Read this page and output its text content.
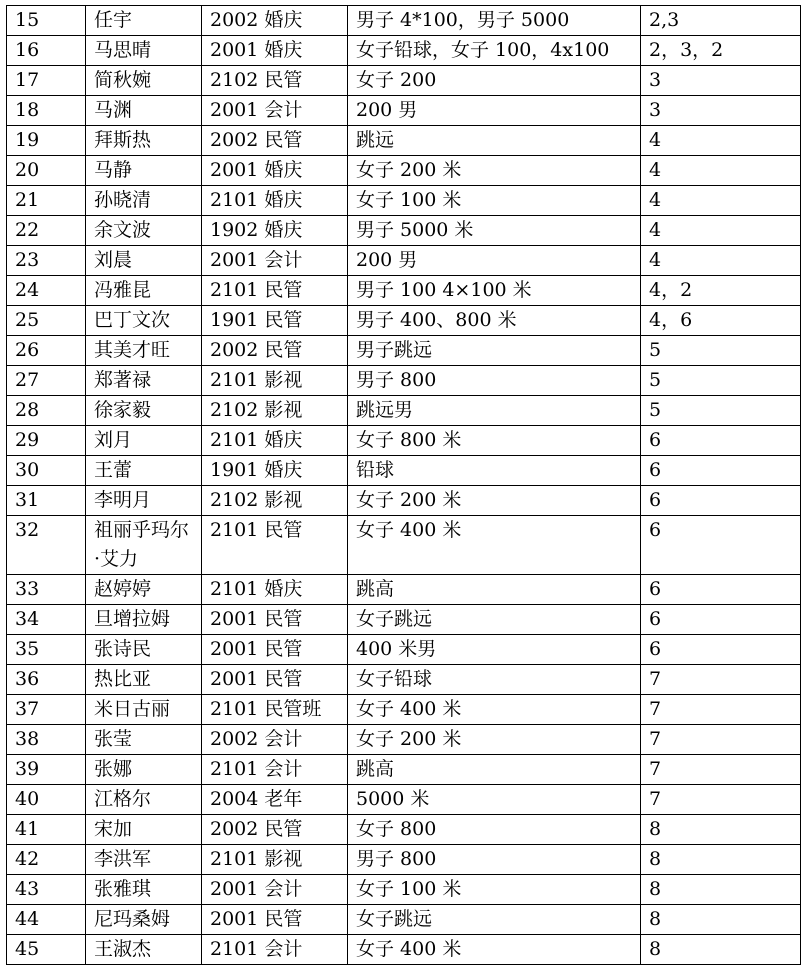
15	任宇	2002 婚庆	男子 4*100，男子 5000	2,3
16	马思晴	2001 婚庆	女子铅球，女子 100，4x100	2，3，2
17	简秋婉	2102 民管	女子 200	3
18	马渊	2001 会计	200 男	3
19	拜斯热	2002 民管	跳远	4
20	马静	2001 婚庆	女子 200 米	4
21	孙晓清	2101 婚庆	女子 100 米	4
22	余文波	1902 婚庆	男子 5000 米	4
23	刘晨	2001 会计	200 男	4
24	冯雅昆	2101 民管	男子 100 4×100 米	4，2
25	巴丁文次	1901 民管	男子 400、800 米	4，6
26	其美才旺	2002 民管	男子跳远	5
27	郑著禄	2101 影视	男子 800	5
28	徐家毅	2102 影视	跳远男	5
29	刘月	2101 婚庆	女子 800 米	6
30	王蕾	1901 婚庆	铅球	6
31	李明月	2102 影视	女子 200 米	6
32	祖丽乎玛尔·艾力	2101 民管	女子 400 米	6
33	赵婷婷	2101 婚庆	跳高	6
34	旦增拉姆	2001 民管	女子跳远	6
35	张诗民	2001 民管	400 米男	6
36	热比亚	2001 民管	女子铅球	7
37	米日古丽	2101 民管班	女子 400 米	7
38	张莹	2002 会计	女子 200 米	7
39	张娜	2101 会计	跳高	7
40	江格尔	2004 老年	5000 米	7
41	宋加	2002 民管	女子 800	8
42	李洪军	2101 影视	男子 800	8
43	张雅琪	2001 会计	女子 100 米	8
44	尼玛桑姆	2001 民管	女子跳远	8
45	王淑杰	2101 会计	女子 400 米	8
